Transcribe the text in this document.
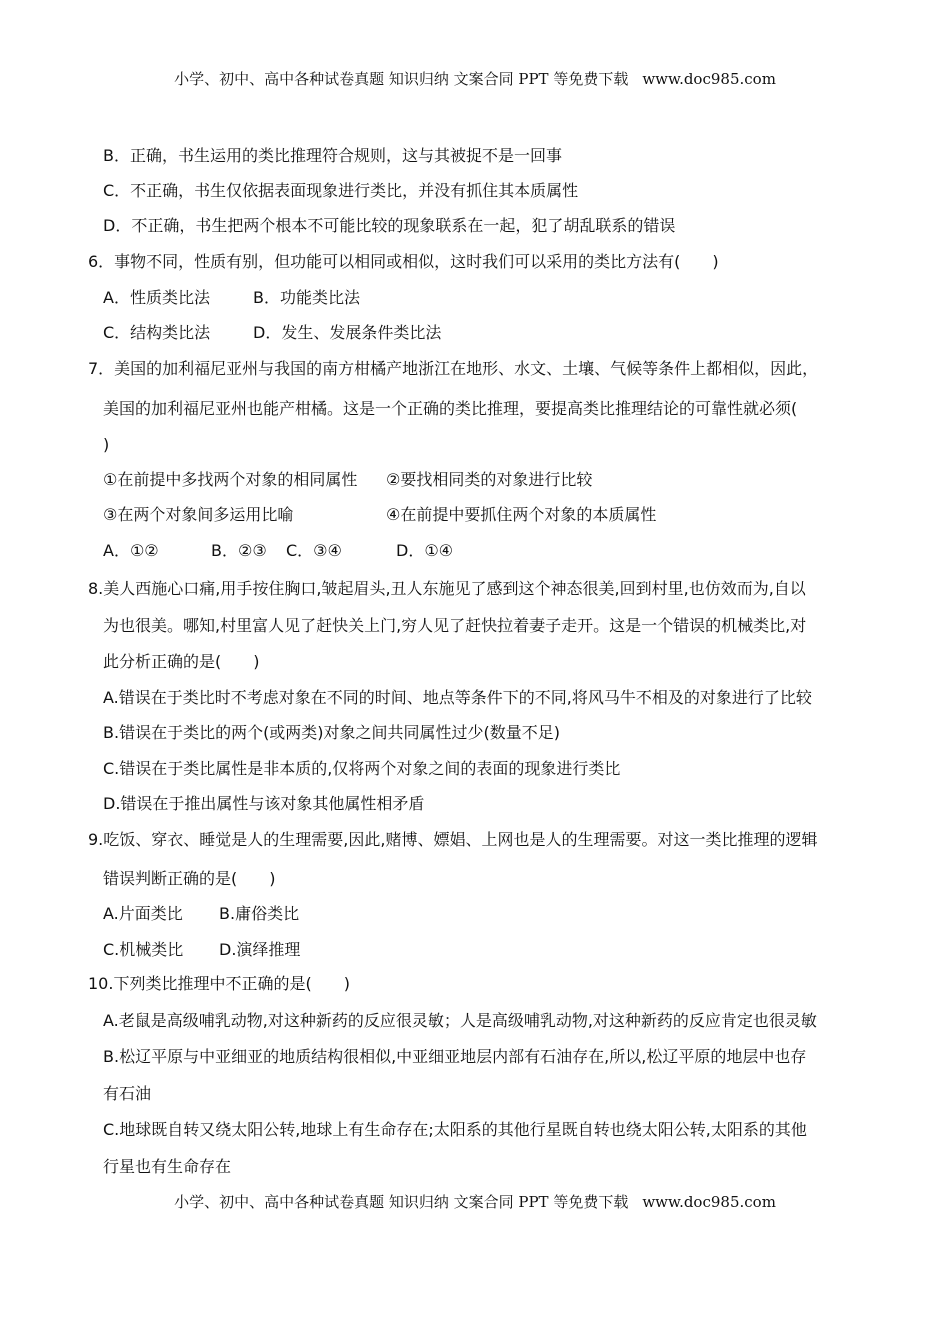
小学、初中、高中各种试卷真题 知识归纳 文案合同 PPT 等免费下载 www.doc985.com
B．正确，书生运用的类比推理符合规则，这与其被捉不是一回事
C．不正确，书生仅依据表面现象进行类比，并没有抓住其本质属性
D．不正确，书生把两个根本不可能比较的现象联系在一起，犯了胡乱联系的错误
6．事物不同，性质有别，但功能可以相同或相似，这时我们可以采用的类比方法有(　　)
A．性质类比法	B．功能类比法
C．结构类比法	D．发生、发展条件类比法
7．美国的加利福尼亚州与我国的南方柑橘产地浙江在地形、水文、土壤、气候等条件上都相似，因此，
美国的加利福尼亚州也能产柑橘。这是一个正确的类比推理，要提高类比推理结论的可靠性就必须(
)
①在前提中多找两个对象的相同属性 ②要找相同类的对象进行比较
③在两个对象间多运用比喻	④在前提中要抓住两个对象的本质属性
A．①②	B．②③ C．③④	D．①④
8.美人西施心口痛,用手按住胸口,皱起眉头,丑人东施见了感到这个神态很美,回到村里,也仿效而为,自以
为也很美。哪知,村里富人见了赶快关上门,穷人见了赶快拉着妻子走开。这是一个错误的机械类比,对
此分析正确的是(　　)
A.错误在于类比时不考虑对象在不同的时间、地点等条件下的不同,将风马牛不相及的对象进行了比较
B.错误在于类比的两个(或两类)对象之间共同属性过少(数量不足)
C.错误在于类比属性是非本质的,仅将两个对象之间的表面的现象进行类比
D.错误在于推出属性与该对象其他属性相矛盾
9.吃饭、穿衣、睡觉是人的生理需要,因此,赌博、嫖娼、上网也是人的生理需要。对这一类比推理的逻辑
错误判断正确的是(　　)
A.片面类比 B.庸俗类比
C.机械类比 D.演绎推理
10.下列类比推理中不正确的是(　　)
A.老鼠是高级哺乳动物,对这种新药的反应很灵敏；人是高级哺乳动物,对这种新药的反应肯定也很灵敏
B.松辽平原与中亚细亚的地质结构很相似,中亚细亚地层内部有石油存在,所以,松辽平原的地层中也存
有石油
C.地球既自转又绕太阳公转,地球上有生命存在;太阳系的其他行星既自转也绕太阳公转,太阳系的其他
行星也有生命存在
小学、初中、高中各种试卷真题 知识归纳 文案合同 PPT 等免费下载 www.doc985.com
